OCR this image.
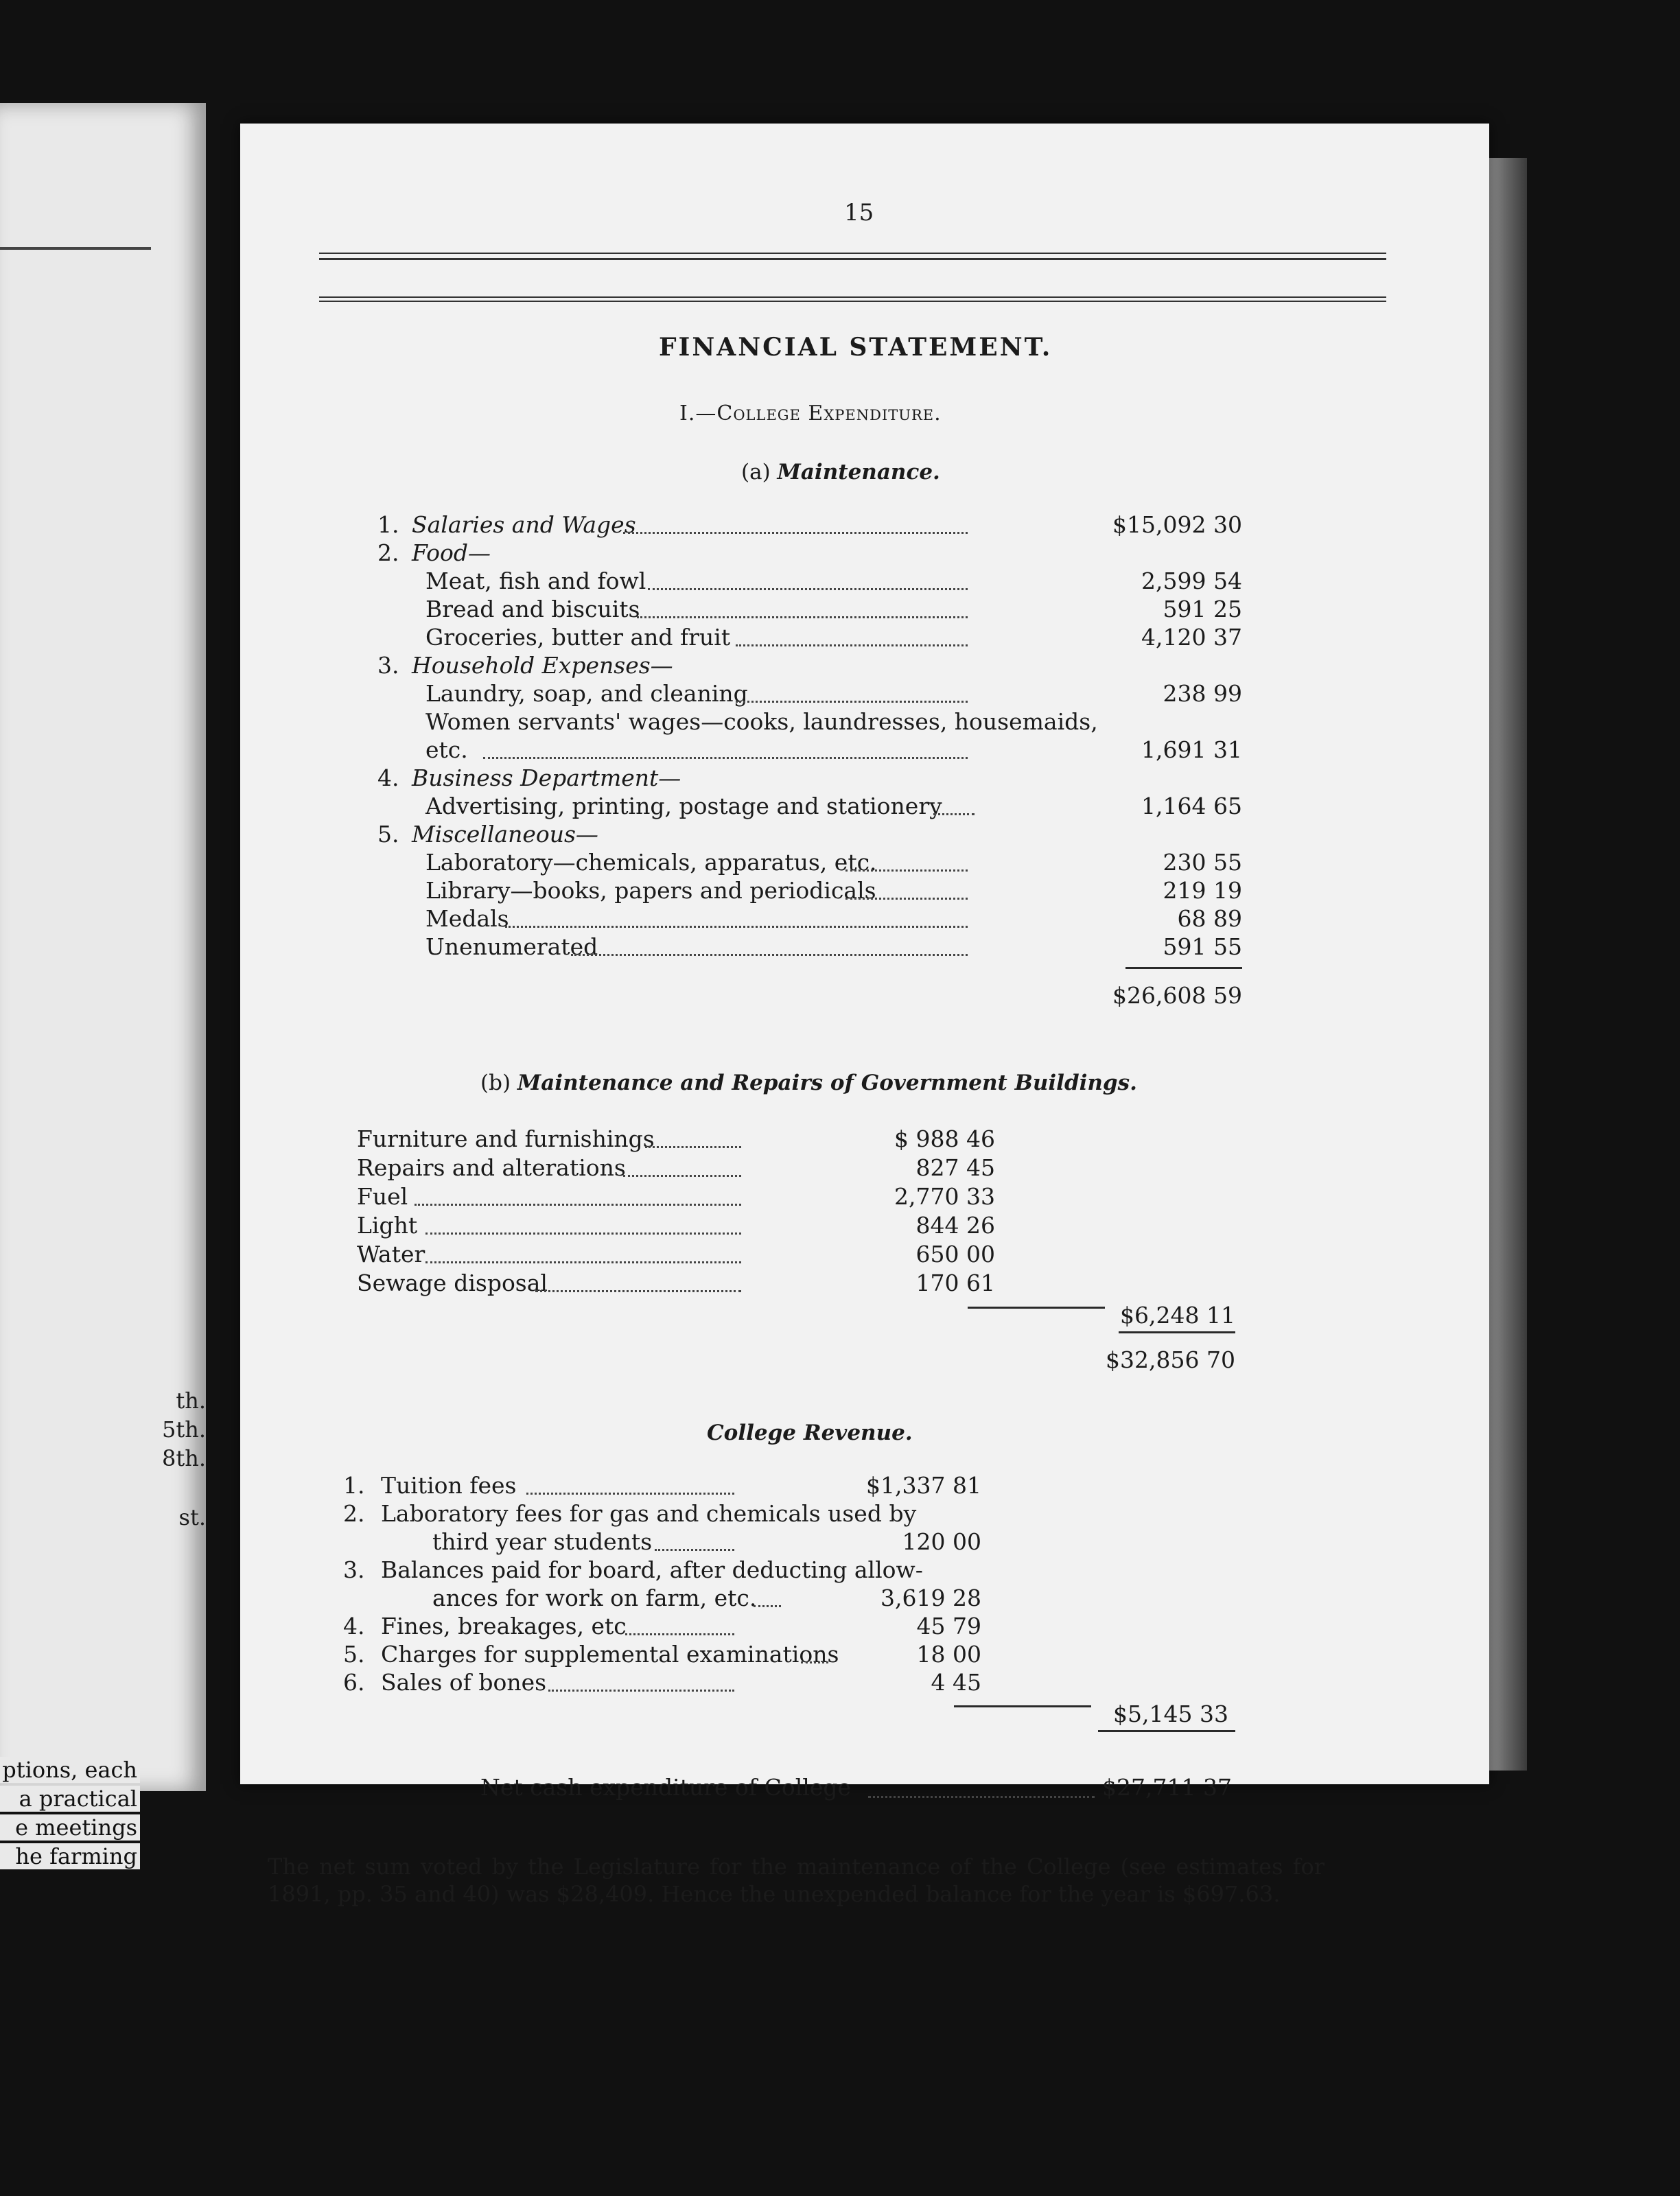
th.
5th.
8th.
st.
ptions, each
a practical
e meetings
he farming
15
FINANCIAL STATEMENT.
I.—College Expenditure.
(a) Maintenance.
1. Salaries and Wages	$15,092 30
2. Food—
Meat, fish and fowl	2,599 54
Bread and biscuits	591 25
Groceries, butter and fruit	4,120 37
3. Household Expenses—
Laundry, soap, and cleaning	238 99
Women servants' wages—cooks, laundresses, housemaids,
etc.	1,691 31
4. Business Department—
Advertising, printing, postage and stationery	1,164 65
5. Miscellaneous—
Laboratory—chemicals, apparatus, etc.	230 55
Library—books, papers and periodicals	219 19
Medals	68 89
Unenumerated	591 55
$26,608 59
(b) Maintenance and Repairs of Government Buildings.
Furniture and furnishings	$ 988 46
Repairs and alterations	827 45
Fuel	2,770 33
Light	844 26
Water	650 00
Sewage disposal	170 61
$6,248 11
$32,856 70
College Revenue.
1. Tuition fees	$1,337 81
2. Laboratory fees for gas and chemicals used by
third year students	120 00
3. Balances paid for board, after deducting allow-
ances for work on farm, etc.	3,619 28
4. Fines, breakages, etc	45 79
5. Charges for supplemental examinations	18 00
6. Sales of bones	4 45
$5,145 33
Net cash expenditure of College	$27,711 37
The net sum voted by the Legislature for the maintenance of the College (see estimates for 1891, pp. 35 and 40) was $28,409. Hence the unexpended balance for the year is $697.63.
